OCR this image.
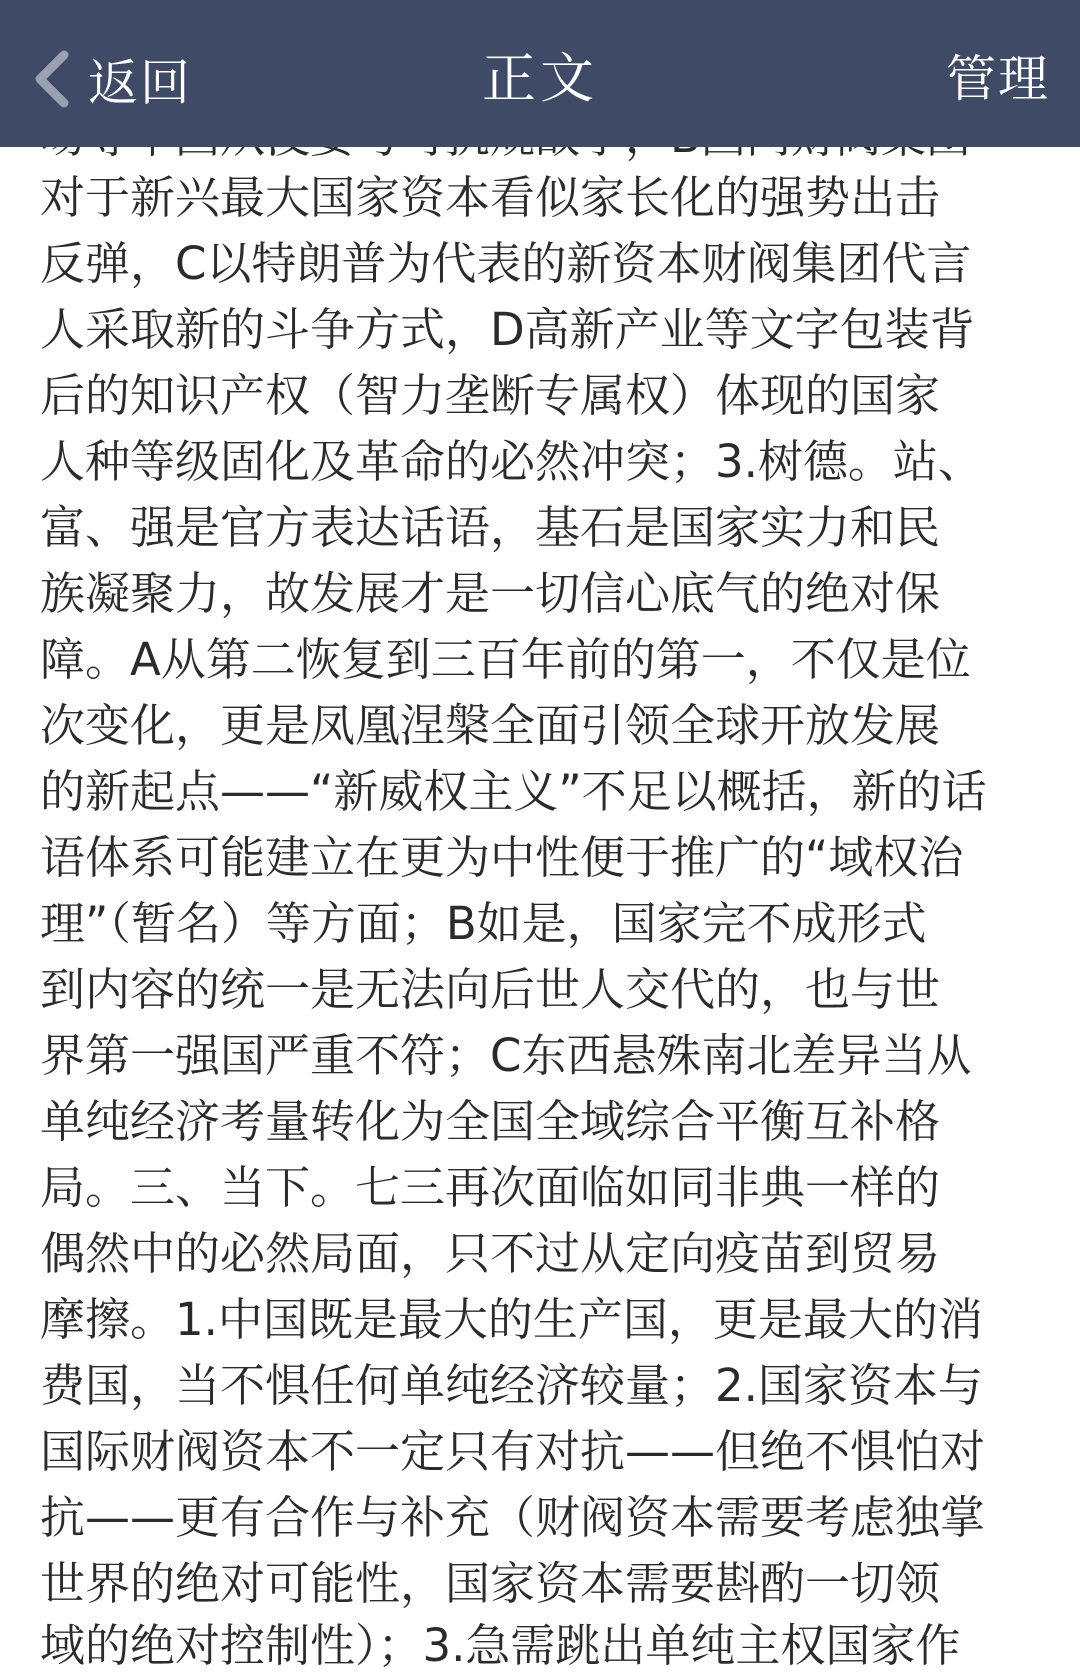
返回	正文	管理
对于新兴最大国家资本看似家长化的强势出击
反弹，C以特朗普为代表的新资本财阀集团代言
人采取新的斗争方式，D高新产业等文字包装背
后的知识产权（智力垄断专属权）体现的国家
人种等级固化及革命的必然冲突；3.树德。站、
富、强是官方表达话语，基石是国家实力和民
族凝聚力，故发展才是一切信心底气的绝对保
障。A从第二恢复到三百年前的第一，不仅是位
次变化，更是凤凰涅槃全面引领全球开放发展
的新起点——“新威权主义”不足以概括，新的话
语体系可能建立在更为中性便于推广的“域权治
理”（暂名）等方面；B如是，国家完不成形式
到内容的统一是无法向后世人交代的，也与世
界第一强国严重不符；C东西悬殊南北差异当从
单纯经济考量转化为全国全域综合平衡互补格
局。三、当下。七三再次面临如同非典一样的
偶然中的必然局面，只不过从定向疫苗到贸易
摩擦。1.中国既是最大的生产国，更是最大的消
费国，当不惧任何单纯经济较量；2.国家资本与
国际财阀资本不一定只有对抗——但绝不惧怕对
抗——更有合作与补充（财阀资本需要考虑独掌
世界的绝对可能性，国家资本需要斟酌一切领
域的绝对控制性）；3.急需跳出单纯主权国家作
